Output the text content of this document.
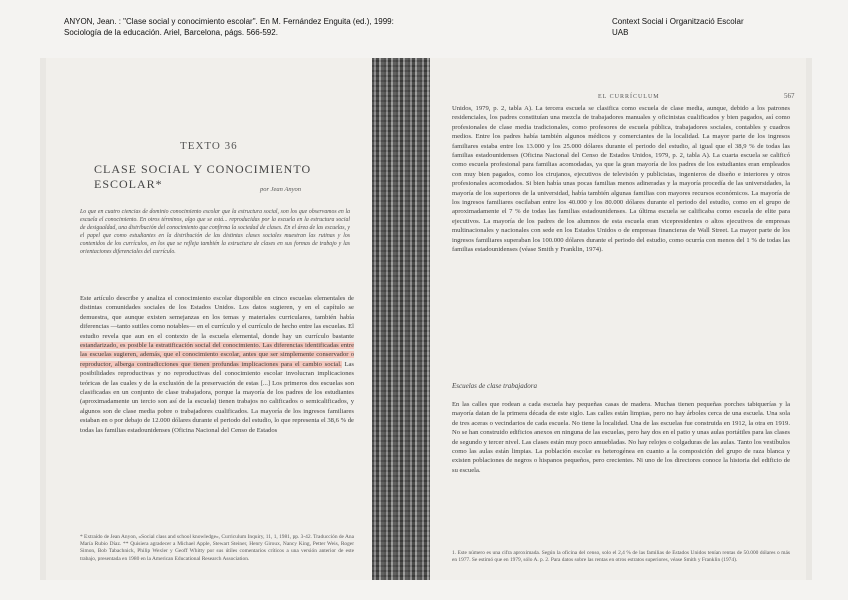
ANYON, Jean. : "Clase social y conocimiento escolar". En M. Fernández Enguita (ed.), 1999:
Sociología de la educación. Ariel, Barcelona, págs. 566-592.
Context Social i Organització Escolar
UAB
TEXTO 36
CLASE SOCIAL Y CONOCIMIENTO ESCOLAR*	por Jean Anyon
Lo que en cuatro ciencias de dominio conocimiento escolar que la estructura social, son los que observamos en la escuela el conocimiento. En otros términos, algo que se está... reproducidas por la escuela en la estructura social de desigualdad, una distribución del conocimiento que confirma la sociedad de clases. En el área de las escuelas, y el papel que como estudiantes en la distribución de las distintas clases sociales muestran las rutinas y los contenidos de los currículos, en los que se refleja también la estructura de clases en sus formas de trabajo y las orientaciones diferenciales del currículo.
Este artículo describe y analiza el conocimiento escolar disponible en cinco escuelas elementales de distintas comunidades sociales de los Estados Unidos. Los datos sugieren, y en el capítulo se demuestra, que aunque existen semejanzas en los temas y materiales curriculares, también había diferencias —tanto sutiles como notables— en el currículo y el currículo de hecho entre las escuelas. El estudio revela que aun en el contexto de la escuela elemental, donde hay un currículo bastante estandarizado, es posible la estratificación social del conocimiento. Las diferencias identificadas entre las escuelas sugieren, además, que el conocimiento escolar, antes que ser simplemente conservador o reproductor, alberga contradicciones que tienen profundas implicaciones para el cambio social. Las posibilidades reproductivas y no reproductivas del conocimiento escolar involucran implicaciones teóricas de las cuales y de la exclusión de la preservación de estas [...] Los primeros dos escuelas son clasificadas en un conjunto de clase trabajadora, porque la mayoría de los padres de los estudiantes (aproximadamente un tercio son así de la escuela) tienen trabajos no calificados o semicalificados, y algunos son de clase media pobre o trabajadores cualificados. La mayoría de los ingresos familiares estaban en o por debajo de 12.000 dólares durante el periodo del estudio, lo que representa el 38,6 % de todas las familias estadounidenses (Oficina Nacional del Censo de Estados
* Extraído de Jean Anyon, «Social class and school knowledge», Curriculum Inquiry, 11, 1, 1981, pp. 3-42. Traducción de Ana María Rubio Díaz. ** Quisiera agradecer a Michael Apple, Stewart Steiner, Henry Giroux, Nancy King, Petter Weis, Roger Simon, Bob Tabachnick, Philip Wexler y Geoff Whitty por sus útiles comentarios críticos a una versión anterior de este trabajo, presentada en 1980 en la American Educational Research Association.
EL CURRÍCULUM	567
Unidos, 1979, p. 2, tabla A). La tercera escuela se clasifica como escuela de clase media, aunque, debido a los patrones residenciales, los padres constituían una mezcla de trabajadores manuales y oficinistas cualificados y bien pagados, así como profesionales de clase media tradicionales, como profesores de escuela pública, trabajadores sociales, contables y cuadros medios. Entre los padres había también algunos médicos y comerciantes de la localidad. La mayor parte de los ingresos familiares estaba entre los 13.000 y los 25.000 dólares durante el periodo del estudio, al igual que el 38,9 % de todas las familias estadounidenses (Oficina Nacional del Censo de Estados Unidos, 1979, p. 2, tabla A). La cuarta escuela se calificó como escuela profesional para familias acomodadas, ya que la gran mayoría de los padres de los estudiantes eran empleados con muy bien pagados, como los cirujanos, ejecutivos de televisión y publicistas, ingenieros de diseño e interiores y otros profesionales acomodados. Si bien había unas pocas familias menos adineradas y la mayoría procedía de las universidades, la mayoría de los superiores de la universidad, había también algunas familias con mayores recursos económicos. La mayoría de los ingresos familiares oscilaban entre los 40.000 y los 80.000 dólares durante el periodo del estudio, como en el grupo de aproximadamente el 7 % de todas las familias estadounidenses. La última escuela se calificaba como escuela de elite para ejecutivos. La mayoría de los padres de los alumnos de esta escuela eran vicepresidentes o altos ejecutivos de empresas multinacionales y nacionales con sede en los Estados Unidos o de empresas financieras de Wall Street. La mayor parte de los ingresos familiares superaban los 100.000 dólares durante el periodo del estudio, como ocurría con menos del 1 % de todas las familias estadounidenses (véase Smith y Franklin, 1974).
Escuelas de clase trabajadora
En las calles que rodean a cada escuela hay pequeñas casas de madera. Muchas tienen pequeñas porches tabiquerías y la mayoría datan de la primera década de este siglo. Las calles están limpias, pero no hay árboles cerca de una escuela. Una sola de tres aceras o vecindarios de cada escuela. No tiene la localidad. Una de las escuelas fue construida en 1912, la otra en 1919. No se han construido edificios anexos en ninguna de las escuelas, pero hay dos en el patio y unas aulas portátiles para las clases de segundo y tercer nivel. Las clases están muy poco amuebladas. No hay relojes o colgaduras de las aulas. Tanto los vestíbulos como las aulas están limpias. La población escolar es heterogénea en cuanto a la composición del grupo de raza blanca y existen poblaciones de negros o hispanos pequeños, pero crecientes. Ni uno de los directores conoce la historia del edificio de su escuela.
1. Este número es una cifra aproximada. Según la oficina del censo, solo el 2,4 % de las familias de Estados Unidos tenían rentas de 50.000 dólares o más en 1977. Se estimó que en 1979, sólo A. p. 2. Para datos sobre las rentas en otros estratos superiores, véase Smith y Franklin (1974).
